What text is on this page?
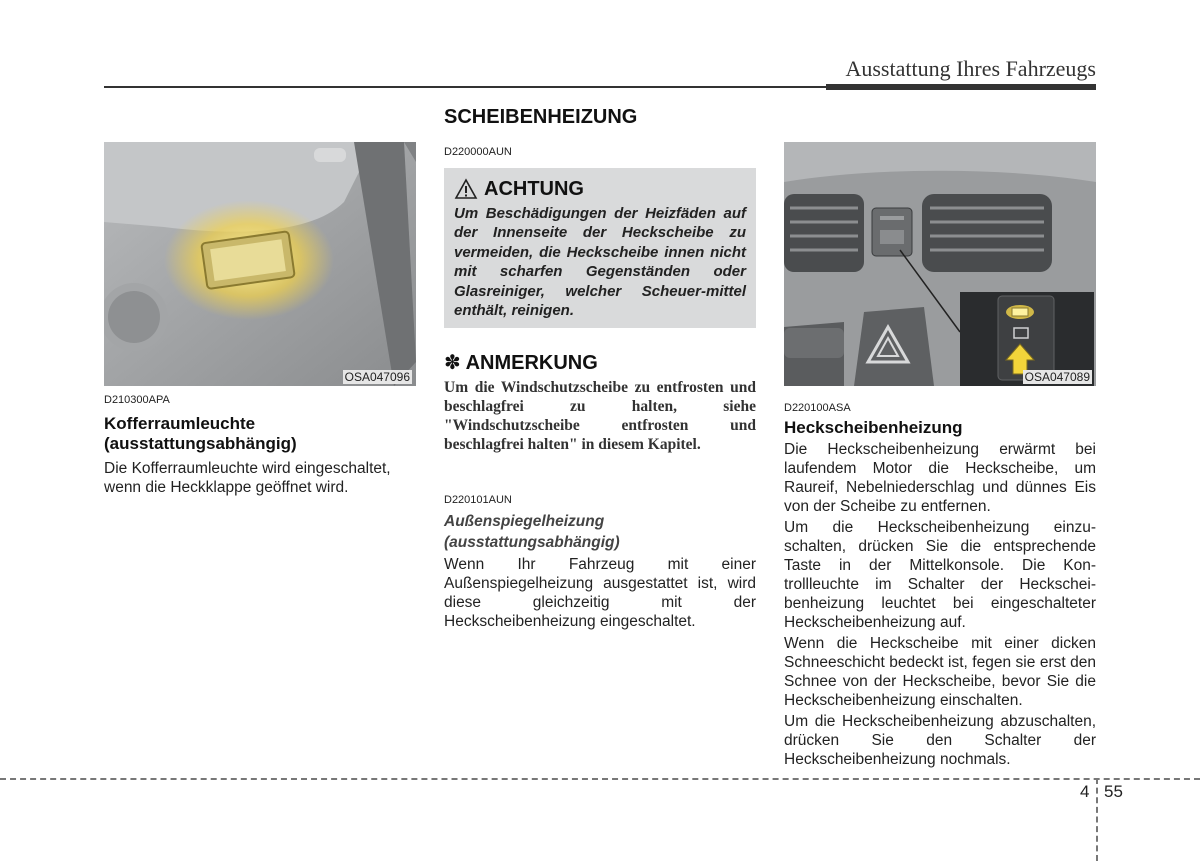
Ausstattung Ihres Fahrzeugs
OSA047096
D210300APA
Kofferraumleuchte
(ausstattungsabhängig)
Die Kofferraumleuchte wird eingeschaltet, wenn die Heckklappe geöffnet wird.
SCHEIBENHEIZUNG
D220000AUN
ACHTUNG
Um Beschädigungen der Heizfäden auf der Innenseite der Heckscheibe zu vermeiden, die Heckscheibe innen nicht mit scharfen Gegenständen oder Glasreiniger, welcher Scheuer-mittel enthält, reinigen.
✽ ANMERKUNG
Um die Windschutzscheibe zu entfrosten und beschlagfrei zu halten, siehe "Windschutzscheibe entfrosten und beschlagfrei halten" in diesem Kapitel.
D220101AUN
Außenspiegelheizung
(ausstattungsabhängig)
Wenn Ihr Fahrzeug mit einer Außenspiegelheizung ausgestattet ist, wird diese gleichzeitig mit der Heckscheibenheizung eingeschaltet.
OSA047089
D220100ASA
Heckscheibenheizung
Die Heckscheibenheizung erwärmt bei laufendem Motor die Heckscheibe, um Raureif, Nebelniederschlag und dünnes Eis von der Scheibe zu entfernen.
Um die Heckscheibenheizung einzu-schalten, drücken Sie die entsprechende Taste in der Mittelkonsole. Die Kon-trollleuchte im Schalter der Heckschei-benheizung leuchtet bei eingeschalteter Heckscheibenheizung auf.
Wenn die Heckscheibe mit einer dicken Schneeschicht bedeckt ist, fegen sie erst den Schnee von der Heckscheibe, bevor Sie die Heckscheibenheizung einschalten.
Um die Heckscheibenheizung abzuschalten, drücken Sie den Schalter der Heckscheibenheizung nochmals.
4 55
